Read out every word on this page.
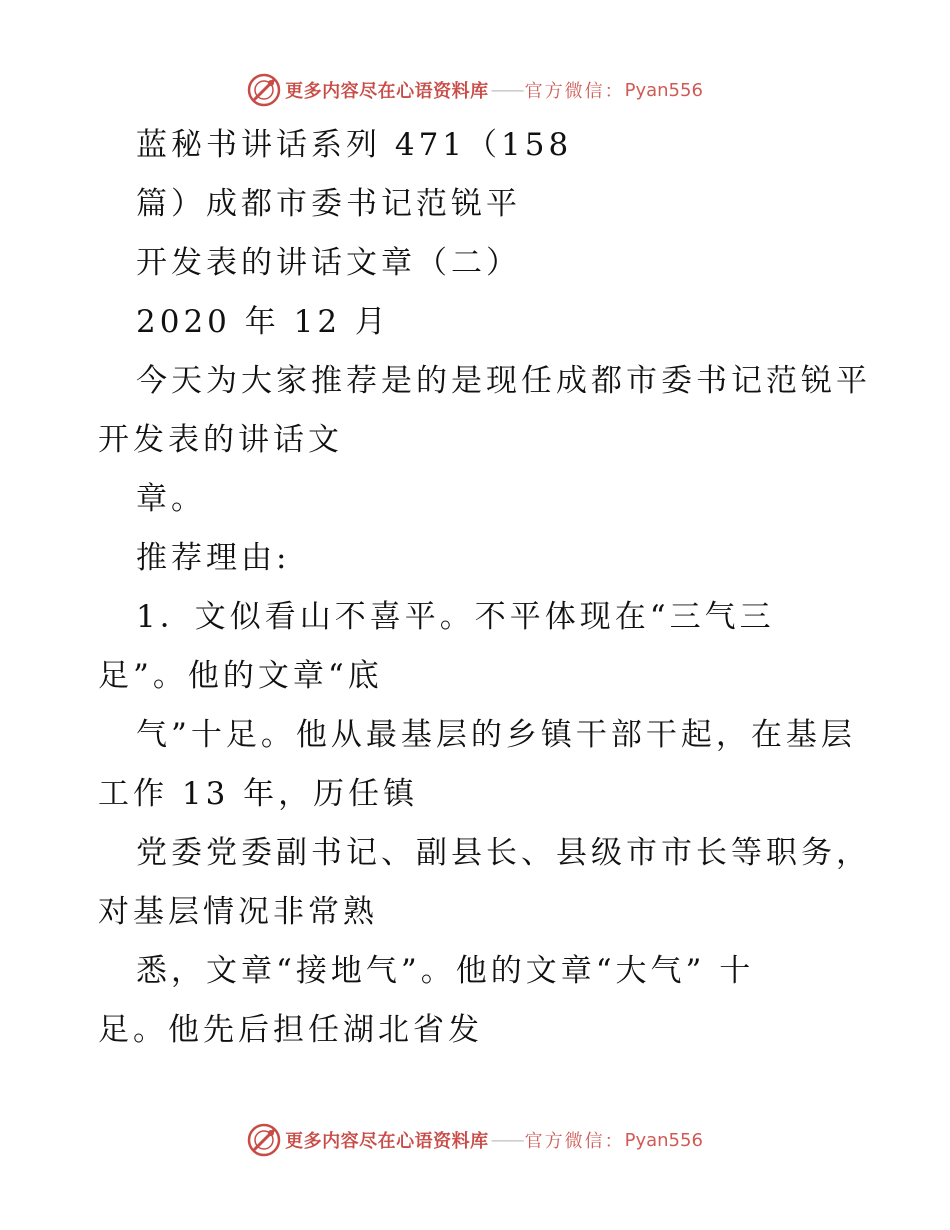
更多内容尽在心语资料库 —— 官方微信： Pyan556
蓝秘书讲话系列 471（158
篇）成都市委书记范锐平
开发表的讲话文章（二）
2020 年 12 月
今天为大家推荐是的是现任成都市委书记范锐平
开发表的讲话文
章。
推荐理由:
1．文似看山不喜平。不平体现在“三气三
足”。他的文章“底
气”十足。他从最基层的乡镇干部干起，在基层
工作 13 年，历任镇
党委党委副书记、副县长、县级市市长等职务，
对基层情况非常熟
悉，文章“接地气”。他的文章“大气” 十
足。他先后担任湖北省发
更多内容尽在心语资料库 —— 官方微信： Pyan556
